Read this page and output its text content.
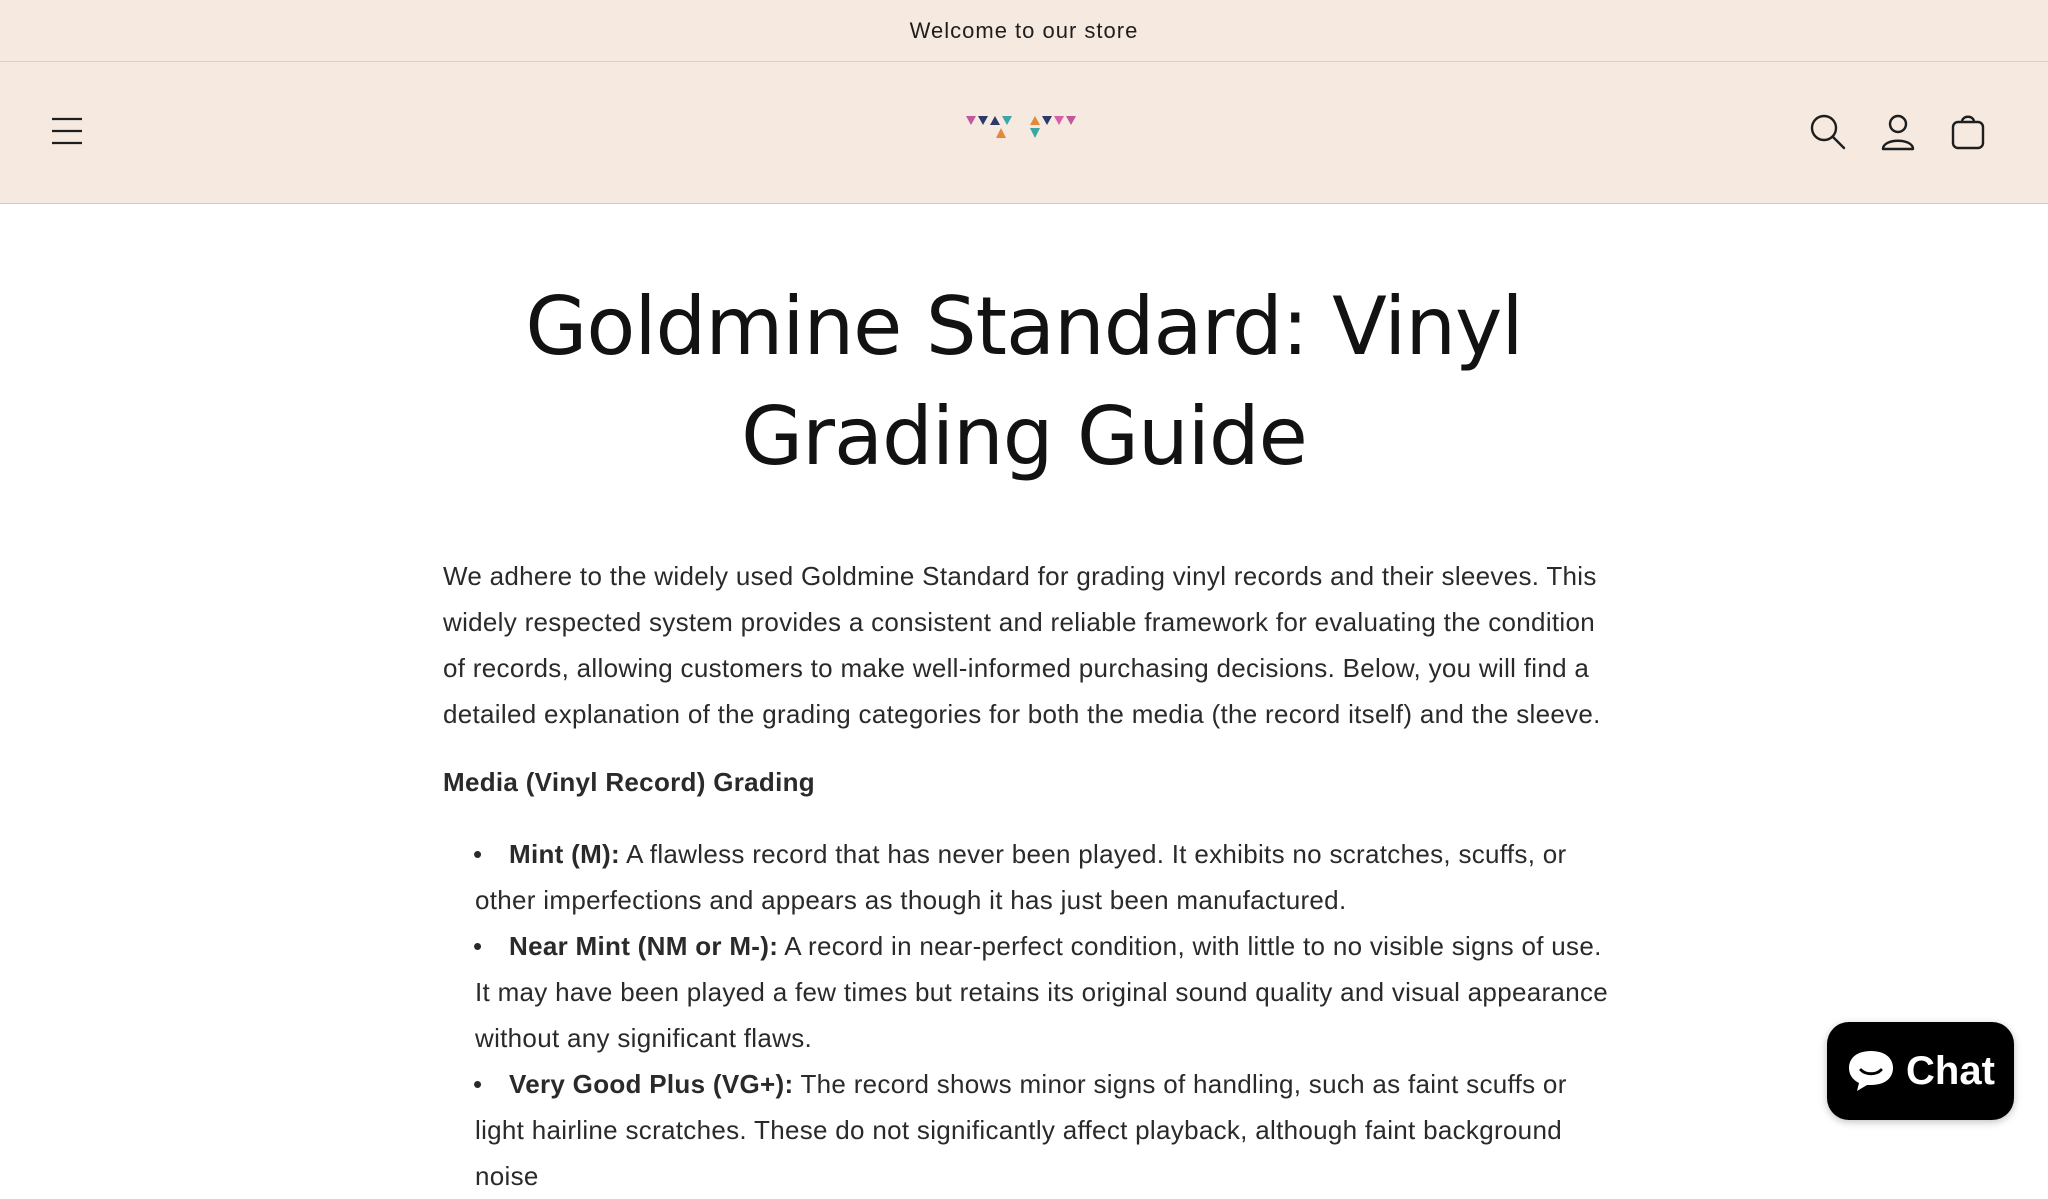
Welcome to our store
Goldmine Standard: Vinyl Grading Guide

We adhere to the widely used Goldmine Standard for grading vinyl records and their sleeves. This widely respected system provides a consistent and reliable framework for evaluating the condition of records, allowing customers to make well-informed purchasing decisions. Below, you will find a detailed explanation of the grading categories for both the media (the record itself) and the sleeve.

Media (Vinyl Record) Grading

• Mint (M): A flawless record that has never been played. It exhibits no scratches, scuffs, or other imperfections and appears as though it has just been manufactured.
• Near Mint (NM or M-): A record in near-perfect condition, with little to no visible signs of use. It may have been played a few times but retains its original sound quality and visual appearance without any significant flaws.
• Very Good Plus (VG+): The record shows minor signs of handling, such as faint scuffs or light hairline scratches. These do not significantly affect playback, although faint background noise
Chat
